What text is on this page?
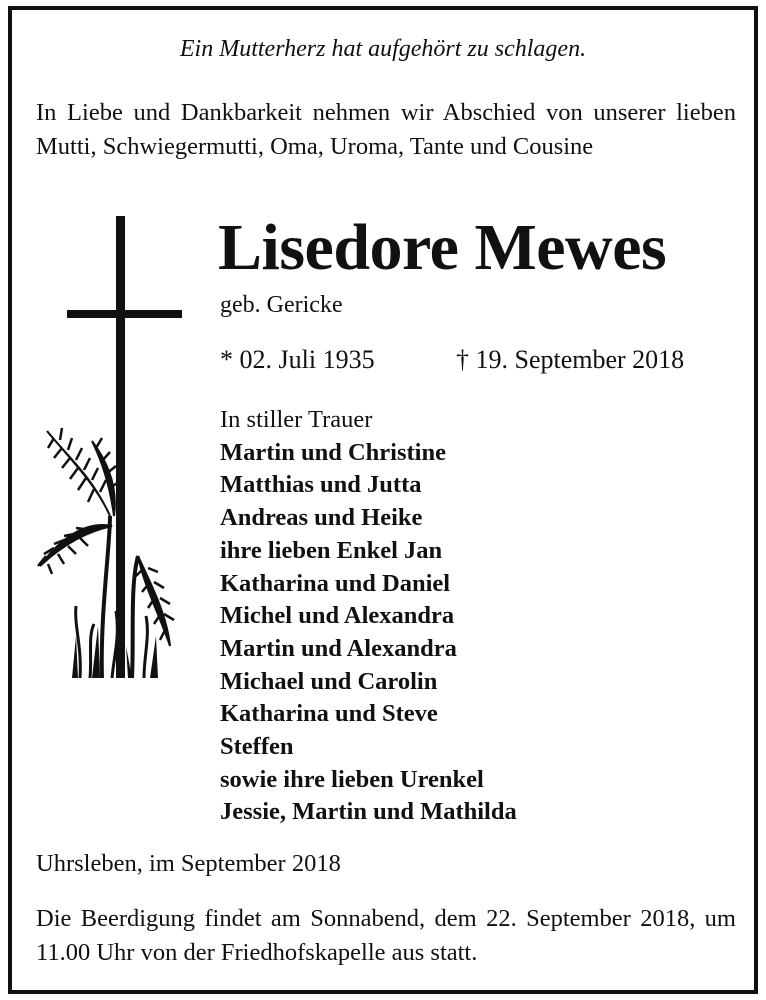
Ein Mutterherz hat aufgehört zu schlagen.
In Liebe und Dankbarkeit nehmen wir Abschied von unserer lieben Mutti, Schwiegermutti, Oma, Uroma, Tante und Cousine
Lisedore Mewes
geb. Gericke
* 02. Juli 1935	† 19. September 2018
In stiller Trauer
Martin und Christine
Matthias und Jutta
Andreas und Heike
ihre lieben Enkel Jan
Katharina und Daniel
Michel und Alexandra
Martin und Alexandra
Michael und Carolin
Katharina und Steve
Steffen
sowie ihre lieben Urenkel
Jessie, Martin und Mathilda
Uhrsleben, im September 2018
Die Beerdigung findet am Sonnabend, dem 22. September 2018, um 11.00 Uhr von der Friedhofskapelle aus statt.
